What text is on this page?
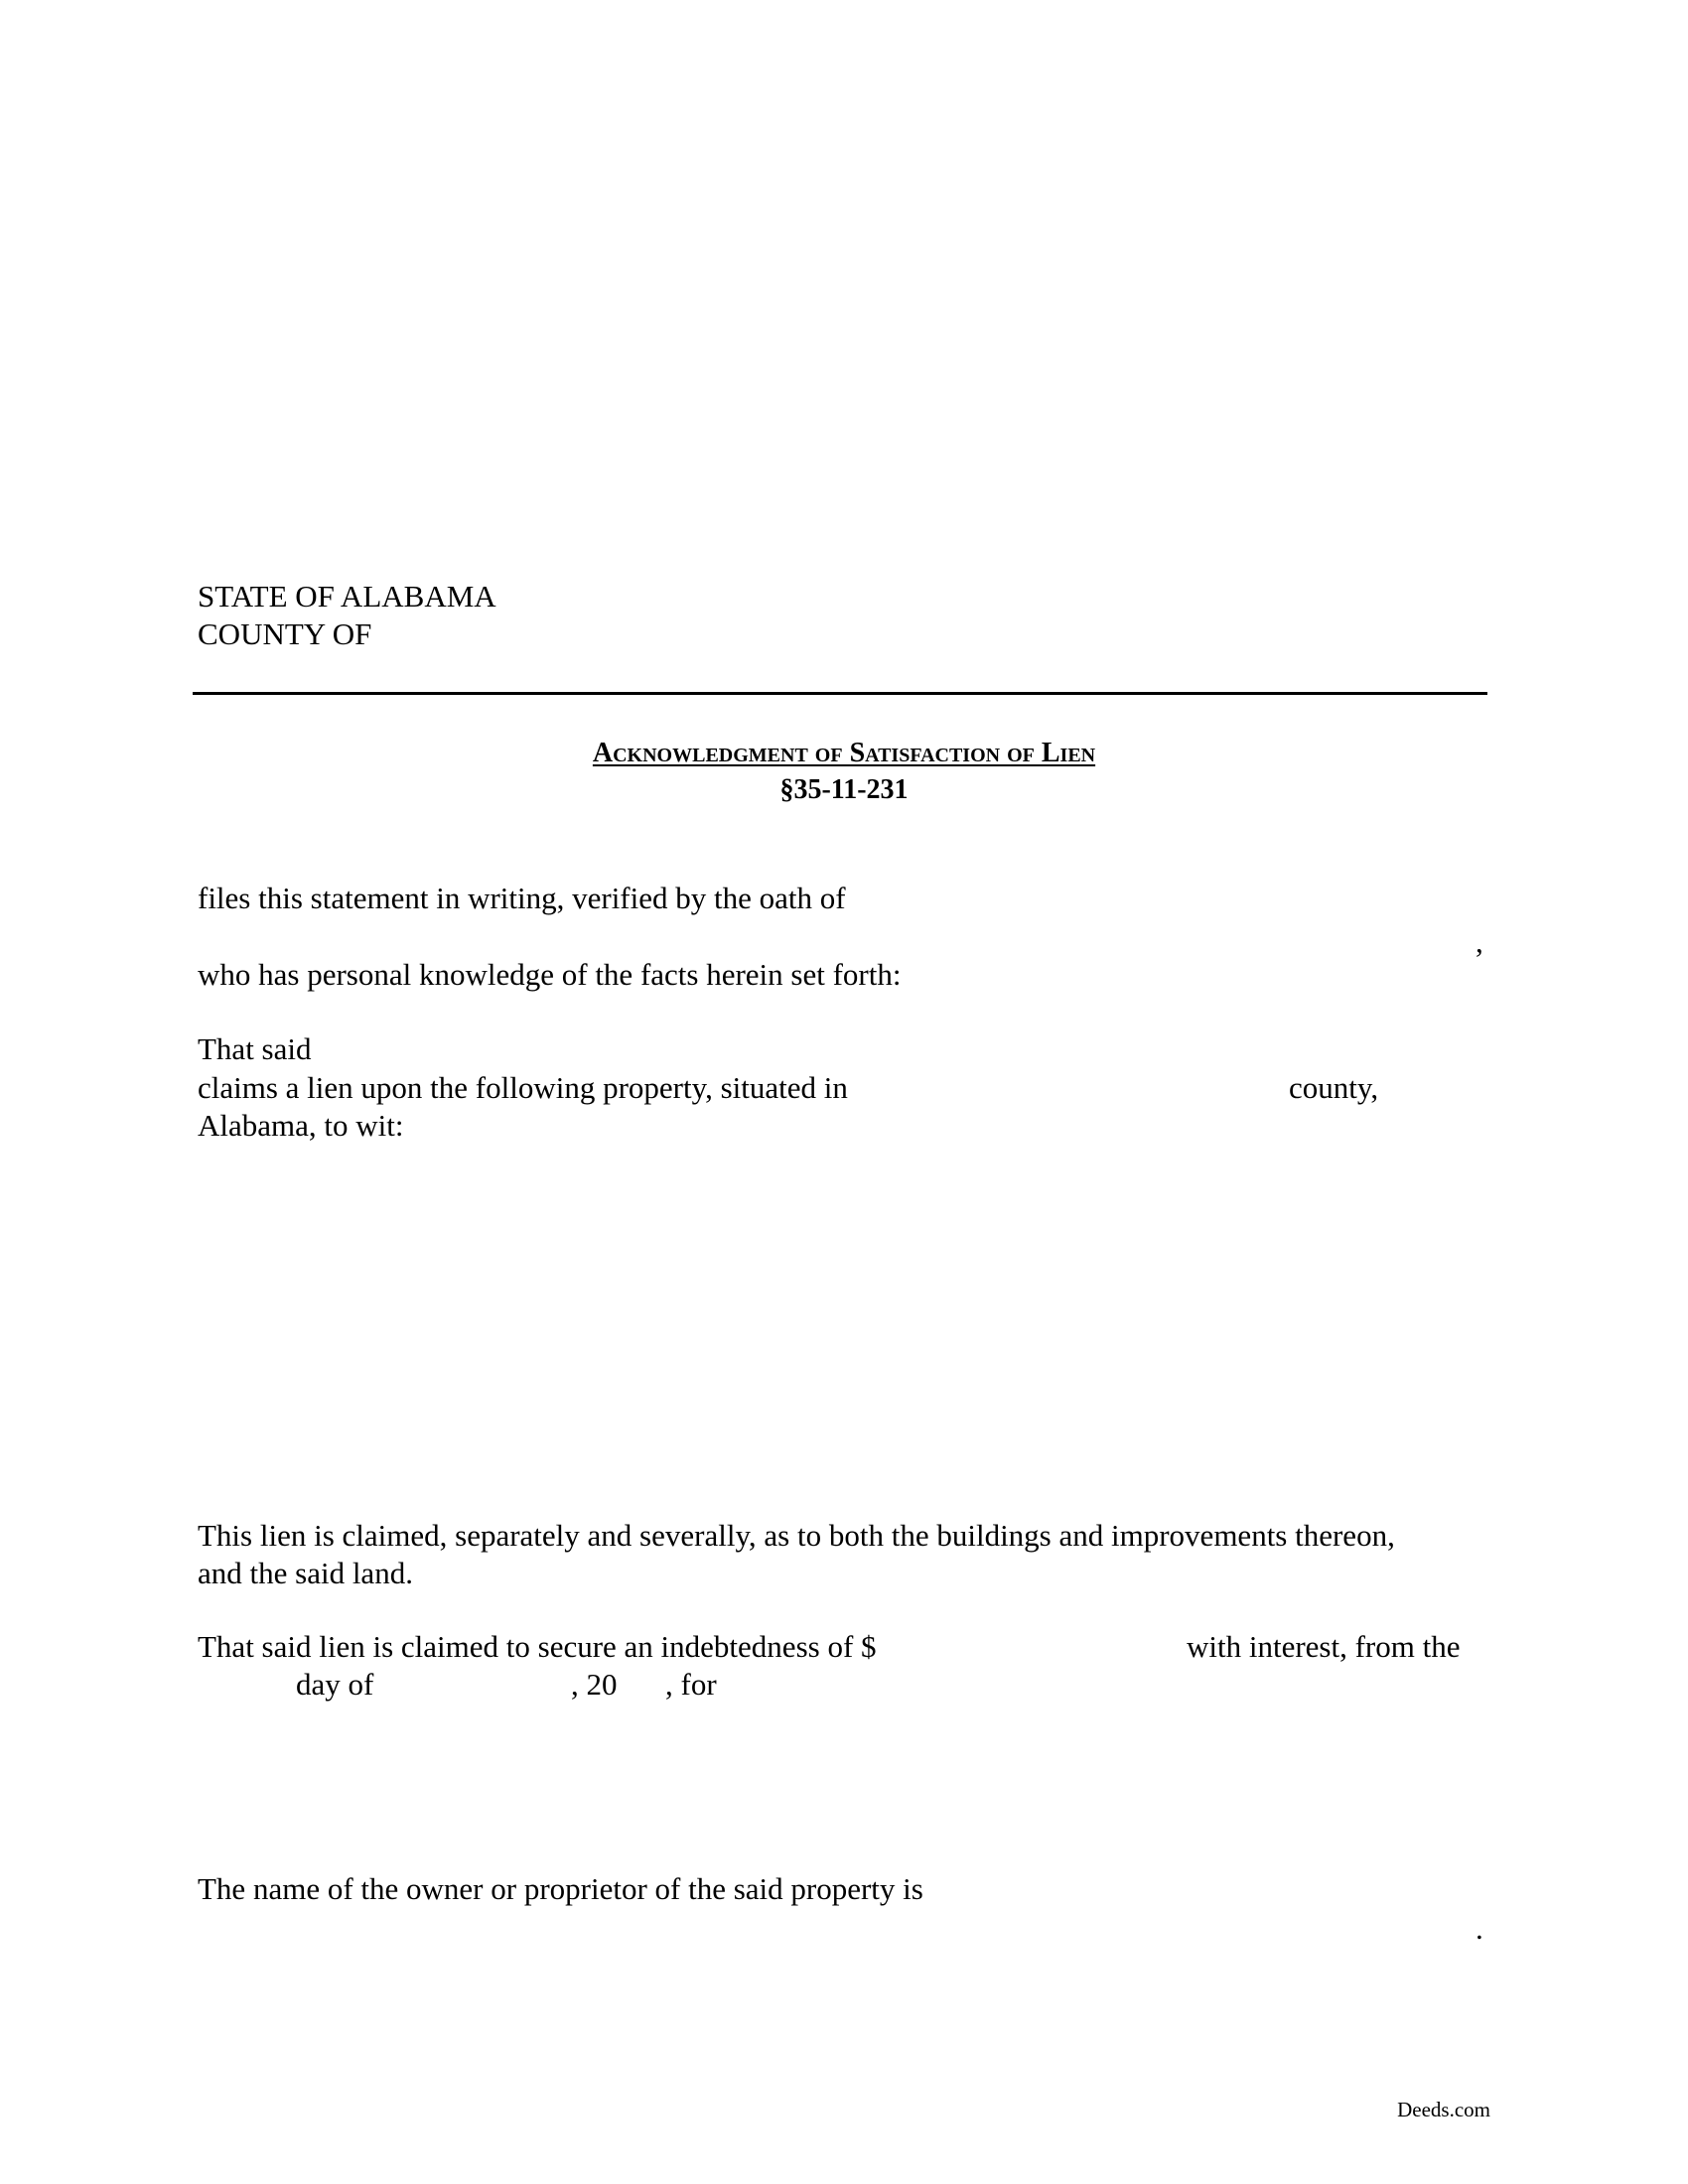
STATE OF ALABAMA
COUNTY OF
Acknowledgment of Satisfaction of Lien
§35-11-231
files this statement in writing, verified by the oath of
,
who has personal knowledge of the facts herein set forth:
That said
claims a lien upon the following property, situated in	county,
Alabama, to wit:
This lien is claimed, separately and severally, as to both the buildings and improvements thereon,
and the said land.
That said lien is claimed to secure an indebtedness of $	with interest, from the
day of	, 20 , for
The name of the owner or proprietor of the said property is
.
Deeds.com
